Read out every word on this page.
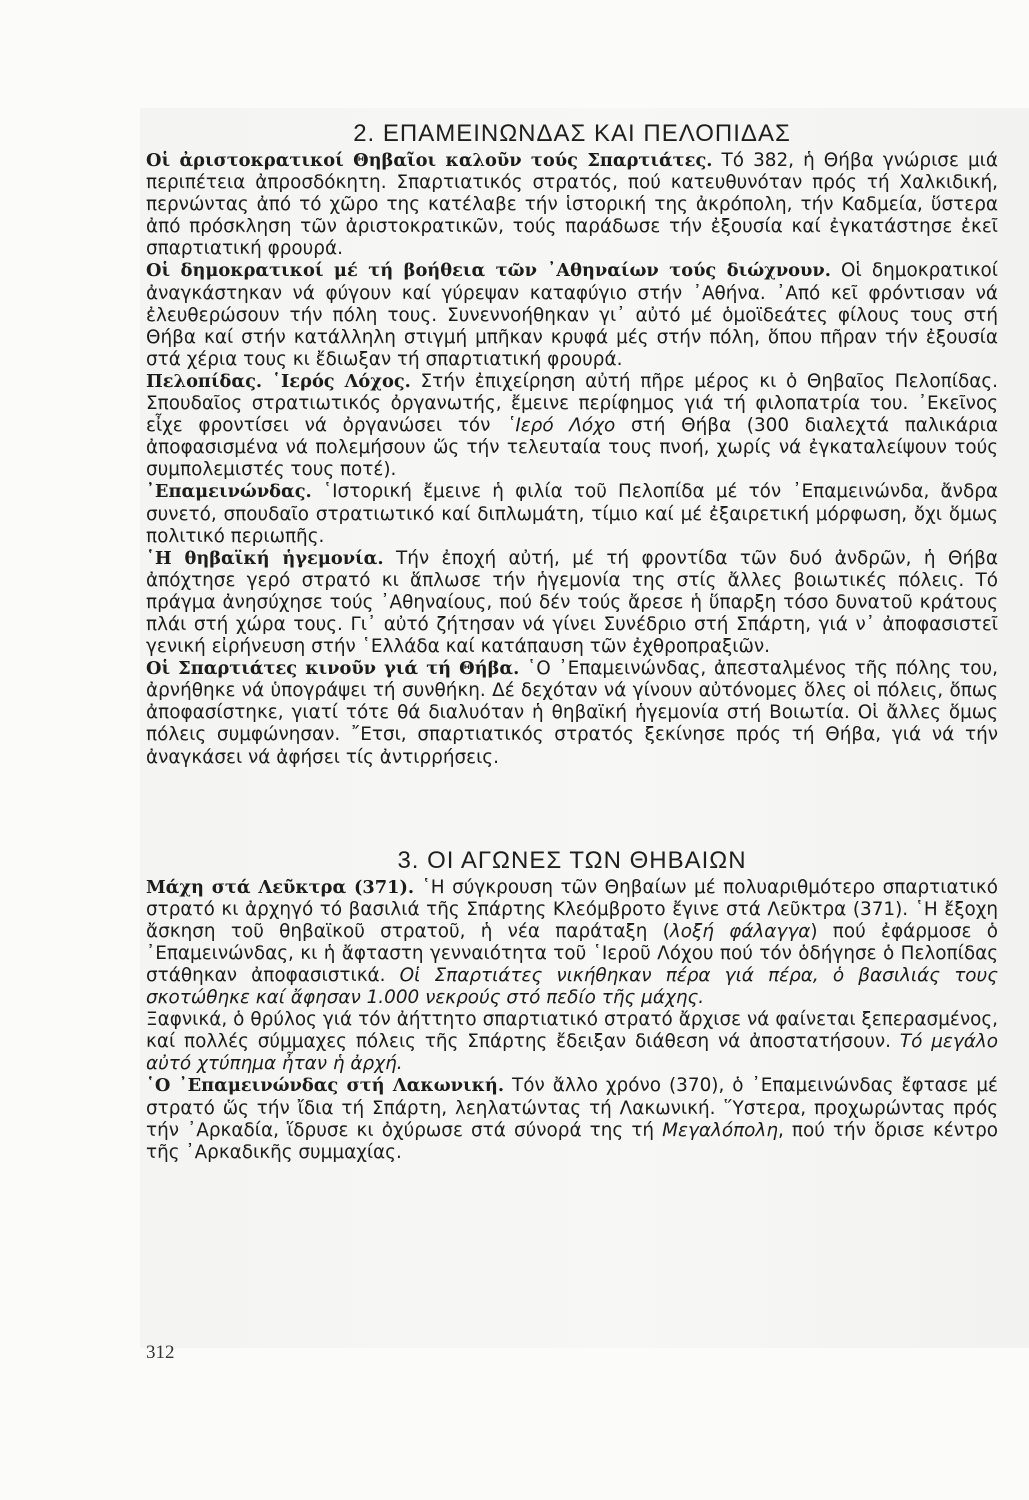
2. ΕΠΑΜΕΙΝΩΝΔΑΣ ΚΑΙ ΠΕΛΟΠΙΔΑΣ

Οἱ ἀριστοκρατικοί Θηβαῖοι καλοῦν τούς Σπαρτιάτες. Τό 382, ἡ Θήβα γνώρισε μιά περιπέτεια ἀπροσδόκητη. Σπαρτιατικός στρατός, πού κατευθυνόταν πρός τή Χαλκιδική, περνώντας ἀπό τό χῶρο της κατέλαβε τήν ἱστορική της ἀκρόπολη, τήν Καδμεία, ὕστερα ἀπό πρόσκληση τῶν ἀριστοκρατικῶν, τούς παράδωσε τήν ἐξουσία καί ἐγκατάστησε ἐκεῖ σπαρτιατική φρουρά.

Οἱ δημοκρατικοί μέ τή βοήθεια τῶν ᾿Αθηναίων τούς διώχνουν. Οἱ δημοκρατικοί ἀναγκάστηκαν νά φύγουν καί γύρεψαν καταφύγιο στήν ᾿Αθήνα. ᾿Από κεῖ φρόντισαν νά ἐλευθερώσουν τήν πόλη τους. Συνεννοήθηκαν γι᾿ αὐτό μέ ὁμοϊδεάτες φίλους τους στή Θήβα καί στήν κατάλληλη στιγμή μπῆκαν κρυφά μές στήν πόλη, ὅπου πῆραν τήν ἐξουσία στά χέρια τους κι ἔδιωξαν τή σπαρτιατική φρουρά.

Πελοπίδας. ῾Ιερός Λόχος. Στήν ἐπιχείρηση αὐτή πῆρε μέρος κι ὁ Θηβαῖος Πελοπίδας. Σπουδαῖος στρατιωτικός ὀργανωτής, ἔμεινε περίφημος γιά τή φιλοπατρία του. ᾿Εκεῖνος εἶχε φροντίσει νά ὀργανώσει τόν ῾Ιερό Λόχο στή Θήβα (300 διαλεχτά παλικάρια ἀποφασισμένα νά πολεμήσουν ὥς τήν τελευταία τους πνοή, χωρίς νά ἐγκαταλείψουν τούς συμπολεμιστές τους ποτέ).

᾿Επαμεινώνδας. ῾Ιστορική ἔμεινε ἡ φιλία τοῦ Πελοπίδα μέ τόν ᾿Επαμεινώνδα, ἄνδρα συνετό, σπουδαῖο στρατιωτικό καί διπλωμάτη, τίμιο καί μέ ἐξαιρετική μόρφωση, ὄχι ὅμως πολιτικό περιωπῆς.

῾Η θηβαϊκή ἡγεμονία. Τήν ἐποχή αὐτή, μέ τή φροντίδα τῶν δυό ἀνδρῶν, ἡ Θήβα ἀπόχτησε γερό στρατό κι ἅπλωσε τήν ἡγεμονία της στίς ἄλλες βοιωτικές πόλεις. Τό πράγμα ἀνησύχησε τούς ᾿Αθηναίους, πού δέν τούς ἄρεσε ἡ ὕπαρξη τόσο δυνατοῦ κράτους πλάι στή χώρα τους. Γι᾿ αὐτό ζήτησαν νά γίνει Συνέδριο στή Σπάρτη, γιά ν᾿ ἀποφασιστεῖ γενική εἰρήνευση στήν ῾Ελλάδα καί κατάπαυση τῶν ἐχθροπραξιῶν.

Οἱ Σπαρτιάτες κινοῦν γιά τή Θήβα. ῾Ο ᾿Επαμεινώνδας, ἀπεσταλμένος τῆς πόλης του, ἀρνήθηκε νά ὑπογράψει τή συνθήκη. Δέ δεχόταν νά γίνουν αὐτόνομες ὅλες οἱ πόλεις, ὅπως ἀποφασίστηκε, γιατί τότε θά διαλυόταν ἡ θηβαϊκή ἡγεμονία στή Βοιωτία. Οἱ ἄλλες ὅμως πόλεις συμφώνησαν. ῎Ετσι, σπαρτιατικός στρατός ξεκίνησε πρός τή Θήβα, γιά νά τήν ἀναγκάσει νά ἀφήσει τίς ἀντιρρήσεις.

3. ΟΙ ΑΓΩΝΕΣ ΤΩΝ ΘΗΒΑΙΩΝ

Μάχη στά Λεῦκτρα (371). ῾Η σύγκρουση τῶν Θηβαίων μέ πολυαριθμότερο σπαρτιατικό στρατό κι ἀρχηγό τό βασιλιά τῆς Σπάρτης Κλεόμβροτο ἔγινε στά Λεῦκτρα (371). ῾Η ἔξοχη ἄσκηση τοῦ θηβαϊκοῦ στρατοῦ, ἡ νέα παράταξη (λοξή φάλαγγα) πού ἐφάρμοσε ὁ ᾿Επαμεινώνδας, κι ἡ ἄφταστη γενναιότητα τοῦ ῾Ιεροῦ Λόχου πού τόν ὁδήγησε ὁ Πελοπίδας στάθηκαν ἀποφασιστικά. Οἱ Σπαρτιάτες νικήθηκαν πέρα γιά πέρα, ὁ βασιλιάς τους σκοτώθηκε καί ἄφησαν 1.000 νεκρούς στό πεδίο τῆς μάχης.

Ξαφνικά, ὁ θρύλος γιά τόν ἀήττητο σπαρτιατικό στρατό ἄρχισε νά φαίνεται ξεπερασμένος, καί πολλές σύμμαχες πόλεις τῆς Σπάρτης ἔδειξαν διάθεση νά ἀποστατήσουν. Τό μεγάλο αὐτό χτύπημα ἦταν ἡ ἀρχή.

῾Ο ᾿Επαμεινώνδας στή Λακωνική. Τόν ἄλλο χρόνο (370), ὁ ᾿Επαμεινώνδας ἔφτασε μέ στρατό ὥς τήν ἴδια τή Σπάρτη, λεηλατώντας τή Λακωνική. ῞Υστερα, προχωρώντας πρός τήν ᾿Αρκαδία, ἵδρυσε κι ὀχύρωσε στά σύνορά της τή Μεγαλόπολη, πού τήν ὅρισε κέντρο τῆς ᾿Αρκαδικῆς συμμαχίας.

312
